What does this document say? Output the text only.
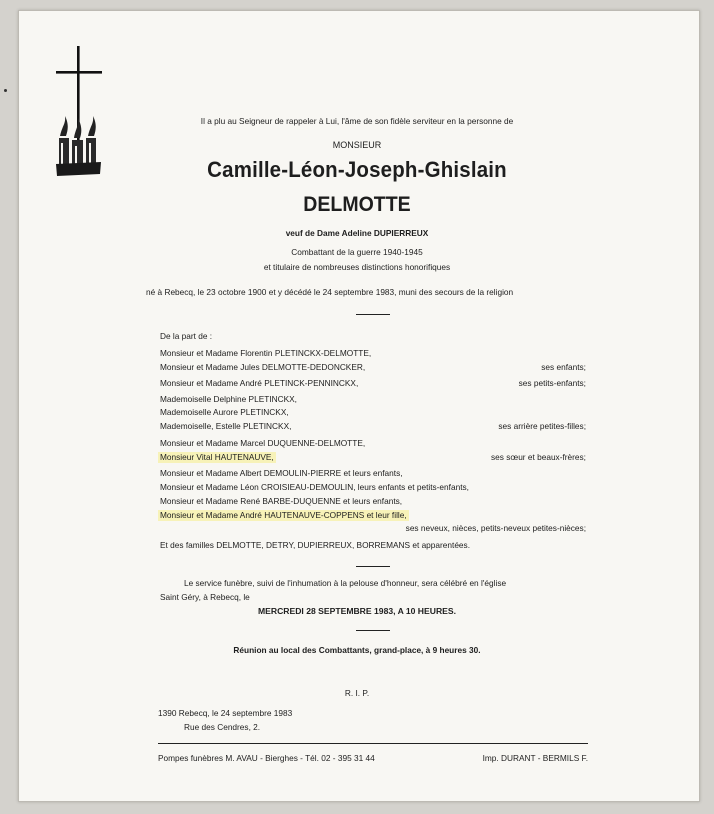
Il a plu au Seigneur de rappeler à Lui, l'âme de son fidèle serviteur en la personne de
MONSIEUR
Camille-Léon-Joseph-Ghislain
DELMOTTE
veuf de Dame Adeline DUPIERREUX
Combattant de la guerre 1940-1945
et titulaire de nombreuses distinctions honorifiques
né à Rebecq, le 23 octobre 1900 et y décédé le 24 septembre 1983, muni des secours de la religion
De la part de :
Monsieur et Madame Florentin PLETINCKX-DELMOTTE,
Monsieur et Madame Jules DELMOTTE-DEDONCKER,	ses enfants;
Monsieur et Madame André PLETINCK-PENNINCKX,	ses petits-enfants;
Mademoiselle Delphine PLETINCKX,
Mademoiselle Aurore PLETINCKX,
Mademoiselle, Estelle PLETINCKX,	ses arrière petites-filles;
Monsieur et Madame Marcel DUQUENNE-DELMOTTE,
Monsieur Vital HAUTENAUVE,	ses sœur et beaux-frères;
Monsieur et Madame Albert DEMOULIN-PIERRE et leurs enfants,
Monsieur et Madame Léon CROISIEAU-DEMOULIN, leurs enfants et petits-enfants,
Monsieur et Madame René BARBE-DUQUENNE et leurs enfants,
Monsieur et Madame André HAUTENAUVE-COPPENS et leur fille,
ses neveux, nièces, petits-neveux petites-nièces;
Et des familles DELMOTTE, DETRY, DUPIERREUX, BORREMANS et apparentées.
Le service funèbre, suivi de l'inhumation à la pelouse d'honneur, sera célébré en l'église
Saint Géry, à Rebecq, le
MERCREDI 28 SEPTEMBRE 1983, A 10 HEURES.
Réunion au local des Combattants, grand-place, à 9 heures 30.
R. I. P.
1390 Rebecq, le 24 septembre 1983
Rue des Cendres, 2.
Pompes funèbres M. AVAU - Bierghes - Tél. 02 - 395 31 44	Imp. DURANT - BERMILS F.
